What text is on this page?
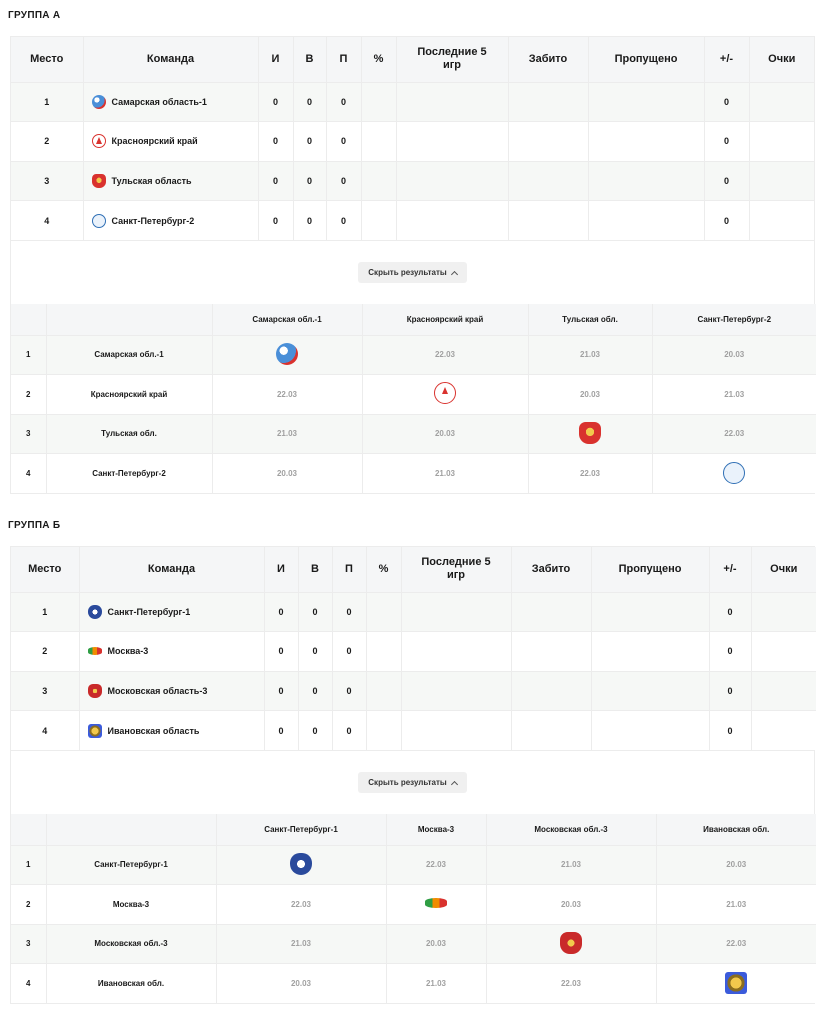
ГРУППА А
Место	Команда	И	В	П	%	Последние 5 игр	Забито	Пропущено	+/-	Очки
1	Самарская область-1	0	0	0					0	
2	Красноярский край	0	0	0					0	
3	Тульская область	0	0	0					0	
4	Санкт-Петербург-2	0	0	0					0	
Скрыть результаты
		Самарская обл.-1	Красноярский край	Тульская обл.	Санкт-Петербург-2
1	Самарская обл.-1		22.03	21.03	20.03
2	Красноярский край	22.03		20.03	21.03
3	Тульская обл.	21.03	20.03		22.03
4	Санкт-Петербург-2	20.03	21.03	22.03	
ГРУППА Б
Место	Команда	И	В	П	%	Последние 5 игр	Забито	Пропущено	+/-	Очки
1	Санкт-Петербург-1	0	0	0					0	
2	Москва-3	0	0	0					0	
3	Московская область-3	0	0	0					0	
4	Ивановская область	0	0	0					0	
Скрыть результаты
		Санкт-Петербург-1	Москва-3	Московская обл.-3	Ивановская обл.
1	Санкт-Петербург-1		22.03	21.03	20.03
2	Москва-3	22.03		20.03	21.03
3	Московская обл.-3	21.03	20.03		22.03
4	Ивановская обл.	20.03	21.03	22.03	
